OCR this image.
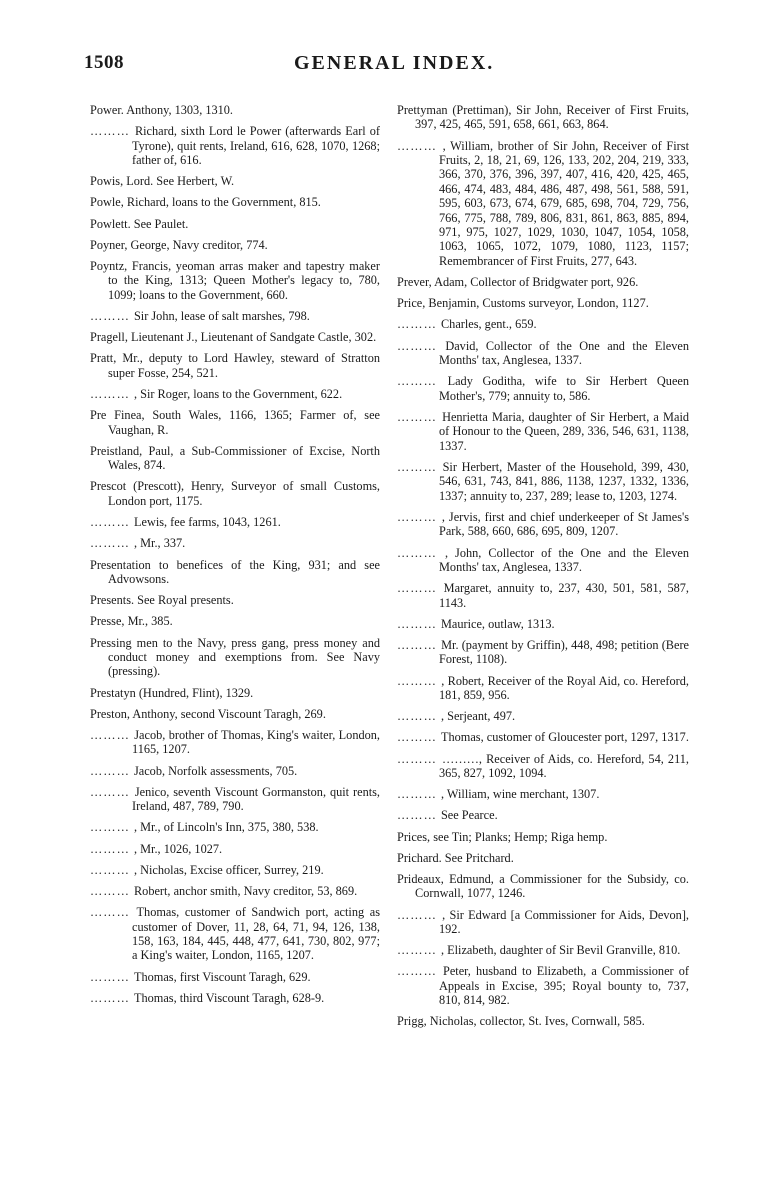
1508	GENERAL INDEX.

Power. Anthony, 1303, 1310.

……… Richard, sixth Lord le Power (afterwards Earl of Tyrone), quit rents, Ireland, 616, 628, 1070, 1268; father of, 616.

Powis, Lord. See Herbert, W.

Powle, Richard, loans to the Government, 815.

Powlett. See Paulet.

Poyner, George, Navy creditor, 774.

Poyntz, Francis, yeoman arras maker and tapestry maker to the King, 1313; Queen Mother's legacy to, 780, 1099; loans to the Government, 660.

……… Sir John, lease of salt marshes, 798.

Pragell, Lieutenant J., Lieutenant of Sandgate Castle, 302.

Pratt, Mr., deputy to Lord Hawley, steward of Stratton super Fosse, 254, 521.

……… , Sir Roger, loans to the Government, 622.

Pre Finea, South Wales, 1166, 1365; Farmer of, see Vaughan, R.

Preistland, Paul, a Sub-Commissioner of Excise, North Wales, 874.

Prescot (Prescott), Henry, Surveyor of small Customs, London port, 1175.

……… Lewis, fee farms, 1043, 1261.

……… , Mr., 337.

Presentation to benefices of the King, 931; and see Advowsons.

Presents. See Royal presents.

Presse, Mr., 385.

Pressing men to the Navy, press gang, press money and conduct money and exemptions from. See Navy (pressing).

Prestatyn (Hundred, Flint), 1329.

Preston, Anthony, second Viscount Taragh, 269.

……… Jacob, brother of Thomas, King's waiter, London, 1165, 1207.

……… Jacob, Norfolk assessments, 705.

……… Jenico, seventh Viscount Gormanston, quit rents, Ireland, 487, 789, 790.

……… , Mr., of Lincoln's Inn, 375, 380, 538.

……… , Mr., 1026, 1027.

……… , Nicholas, Excise officer, Surrey, 219.

……… Robert, anchor smith, Navy creditor, 53, 869.

……… Thomas, customer of Sandwich port, acting as customer of Dover, 11, 28, 64, 71, 94, 126, 138, 158, 163, 184, 445, 448, 477, 641, 730, 802, 977; a King's waiter, London, 1165, 1207.

……… Thomas, first Viscount Taragh, 629.

……… Thomas, third Viscount Taragh, 628-9.

Prettyman (Prettiman), Sir John, Receiver of First Fruits, 397, 425, 465, 591, 658, 661, 663, 864.

……… , William, brother of Sir John, Receiver of First Fruits, 2, 18, 21, 69, 126, 133, 202, 204, 219, 333, 366, 370, 376, 396, 397, 407, 416, 420, 425, 465, 466, 474, 483, 484, 486, 487, 498, 561, 588, 591, 595, 603, 673, 674, 679, 685, 698, 704, 729, 756, 766, 775, 788, 789, 806, 831, 861, 863, 885, 894, 971, 975, 1027, 1029, 1030, 1047, 1054, 1058, 1063, 1065, 1072, 1079, 1080, 1123, 1157; Remembrancer of First Fruits, 277, 643.

Prever, Adam, Collector of Bridgwater port, 926.

Price, Benjamin, Customs surveyor, London, 1127.

……… Charles, gent., 659.

……… David, Collector of the One and the Eleven Months' tax, Anglesea, 1337.

……… Lady Goditha, wife to Sir Herbert Queen Mother's, 779; annuity to, 586.

……… Henrietta Maria, daughter of Sir Herbert, a Maid of Honour to the Queen, 289, 336, 546, 631, 1138, 1337.

……… Sir Herbert, Master of the Household, 399, 430, 546, 631, 743, 841, 886, 1138, 1237, 1332, 1336, 1337; annuity to, 237, 289; lease to, 1203, 1274.

……… , Jervis, first and chief underkeeper of St James's Park, 588, 660, 686, 695, 809, 1207.

……… , John, Collector of the One and the Eleven Months' tax, Anglesea, 1337.

……… Margaret, annuity to, 237, 430, 501, 581, 587, 1143.

……… Maurice, outlaw, 1313.

……… Mr. (payment by Griffin), 448, 498; petition (Bere Forest, 1108).

……… , Robert, Receiver of the Royal Aid, co. Hereford, 181, 859, 956.

……… , Serjeant, 497.

……… Thomas, customer of Gloucester port, 1297, 1317.

……… ………, Receiver of Aids, co. Hereford, 54, 211, 365, 827, 1092, 1094.

……… , William, wine merchant, 1307.

……… See Pearce.

Prices, see Tin; Planks; Hemp; Riga hemp.

Prichard. See Pritchard.

Prideaux, Edmund, a Commissioner for the Subsidy, co. Cornwall, 1077, 1246.

……… , Sir Edward [a Commissioner for Aids, Devon], 192.

……… , Elizabeth, daughter of Sir Bevil Granville, 810.

……… Peter, husband to Elizabeth, a Commissioner of Appeals in Excise, 395; Royal bounty to, 737, 810, 814, 982.

Prigg, Nicholas, collector, St. Ives, Cornwall, 585.
